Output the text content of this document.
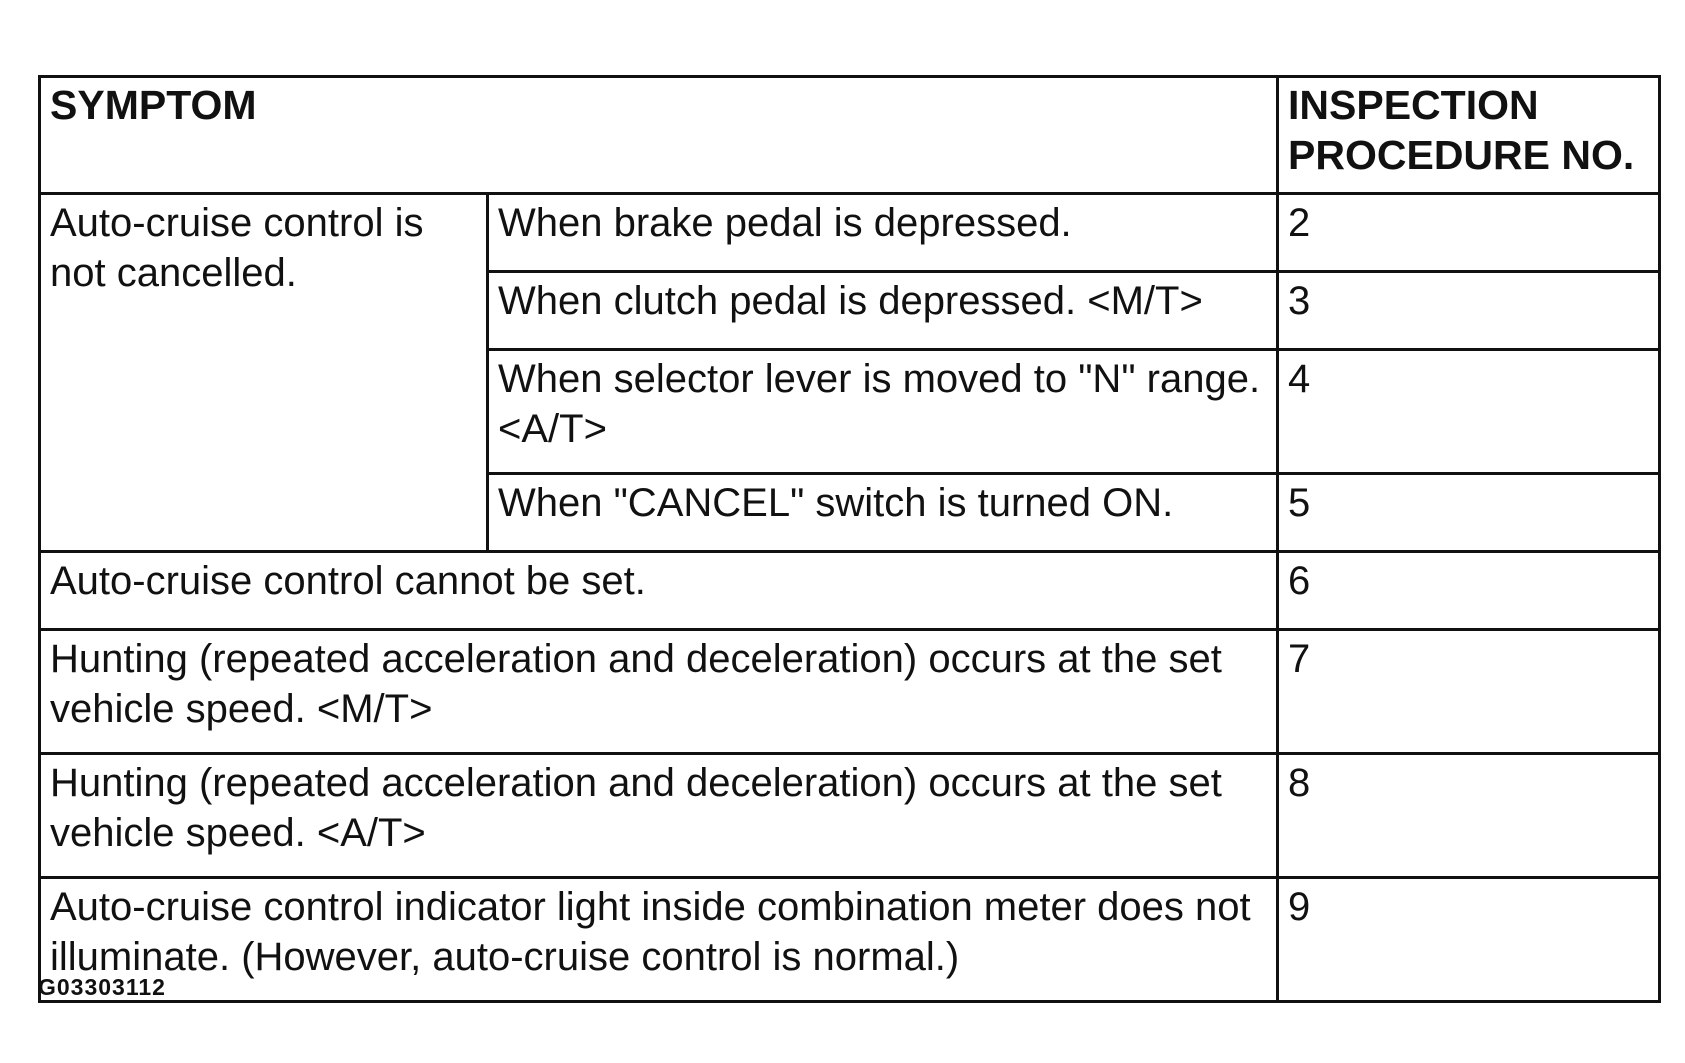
SYMPTOM		INSPECTION PROCEDURE NO.
Auto-cruise control is not cancelled.	When brake pedal is depressed.	2
	When clutch pedal is depressed. <M/T>	3
	When selector lever is moved to "N" range. <A/T>	4
	When "CANCEL" switch is turned ON.	5
Auto-cruise control cannot be set.		6
Hunting (repeated acceleration and deceleration) occurs at the set vehicle speed. <M/T>		7
Hunting (repeated acceleration and deceleration) occurs at the set vehicle speed. <A/T>		8
Auto-cruise control indicator light inside combination meter does not illuminate. (However, auto-cruise control is normal.)		9
G03303112
